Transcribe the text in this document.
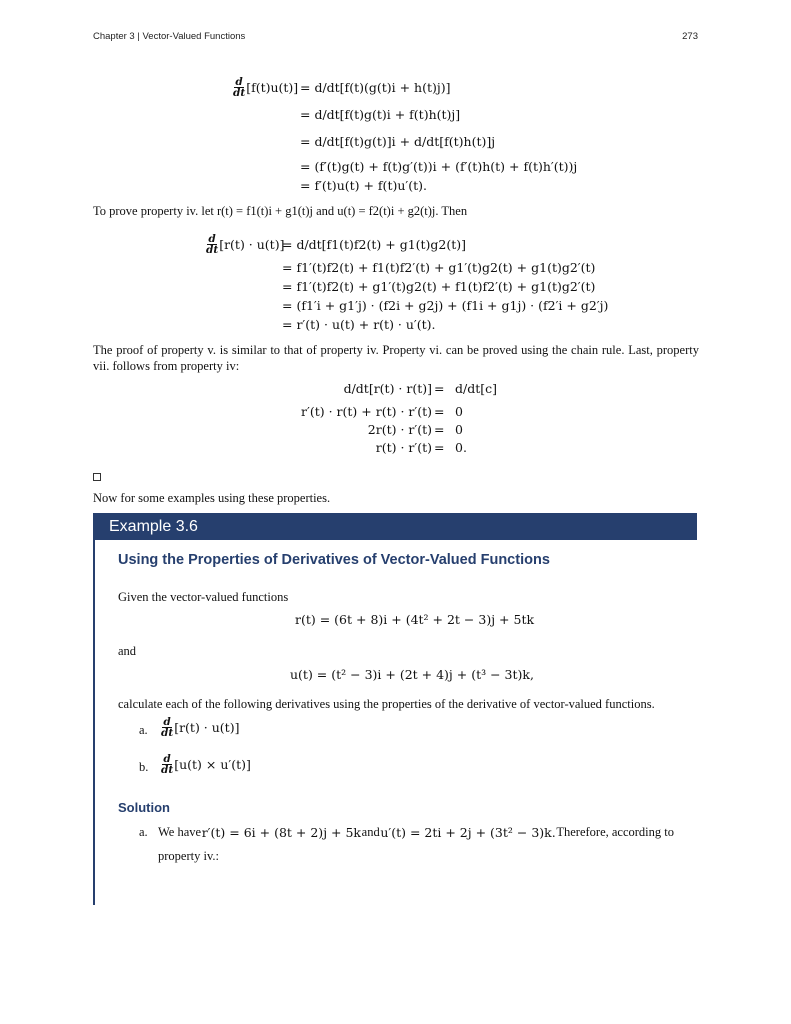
Chapter 3 | Vector-Valued Functions	273
$\frac{d}{dt} [f(t)u(t)] = d/dt[f(t)(g(t)i + h(t)j)]$
= d/dt[f(t)g(t)i + f(t)h(t)j]
= d/dt[f(t)g(t)]i + d/dt[f(t)h(t)]j
= (f′(t)g(t) + f(t)g′(t))i + (f′(t)h(t) + f(t)h′(t))j
= f′(t)u(t) + f(t)u′(t).
To prove property iv. let r(t) = f1(t)i + g1(t)j and u(t) = f2(t)i + g2(t)j. Then
$\frac{d}{dt} [r(t) \cdot u(t)]$
= d/dt[f1(t)f2(t) + g1(t)g2(t)]
= f1′(t)f2(t) + f1(t)f2′(t) + g1′(t)g2(t) + g1(t)g2′(t)
= f1′(t)f2(t) + g1′(t)g2(t) + f1(t)f2′(t) + g1(t)g2′(t)
= (f1′i + g1′j) · (f2i + g2j) + (f1i + g1j) · (f2′i + g2′j)
= r′(t) · u(t) + r(t) · u′(t).
The proof of property v. is similar to that of property iv. Property vi. can be proved using the chain rule. Last, property vii. follows from property iv:
d/dt[r(t) · r(t)] = d/dt[c]
r′(t) · r(t) + r(t) · r′(t) = 0
2r(t) · r′(t) = 0
r(t) · r′(t) = 0.
Now for some examples using these properties.
Example 3.6
Using the Properties of Derivatives of Vector-Valued Functions
Given the vector-valued functions
r(t) = (6t + 8)i + (4t² + 2t − 3)j + 5tk
and
u(t) = (t² − 3)i + (2t + 4)j + (t³ − 3t)k,
calculate each of the following derivatives using the properties of the derivative of vector-valued functions.
a. $\frac{d}{dt} [r(t) \cdot u(t)]$
b. $\frac{d}{dt} [u(t) \times u'(t)]$
Solution
a. We have r′(t) = 6i + (8t + 2)j + 5k and u′(t) = 2ti + 2j + (3t² − 3)k. Therefore, according to
property iv.:
